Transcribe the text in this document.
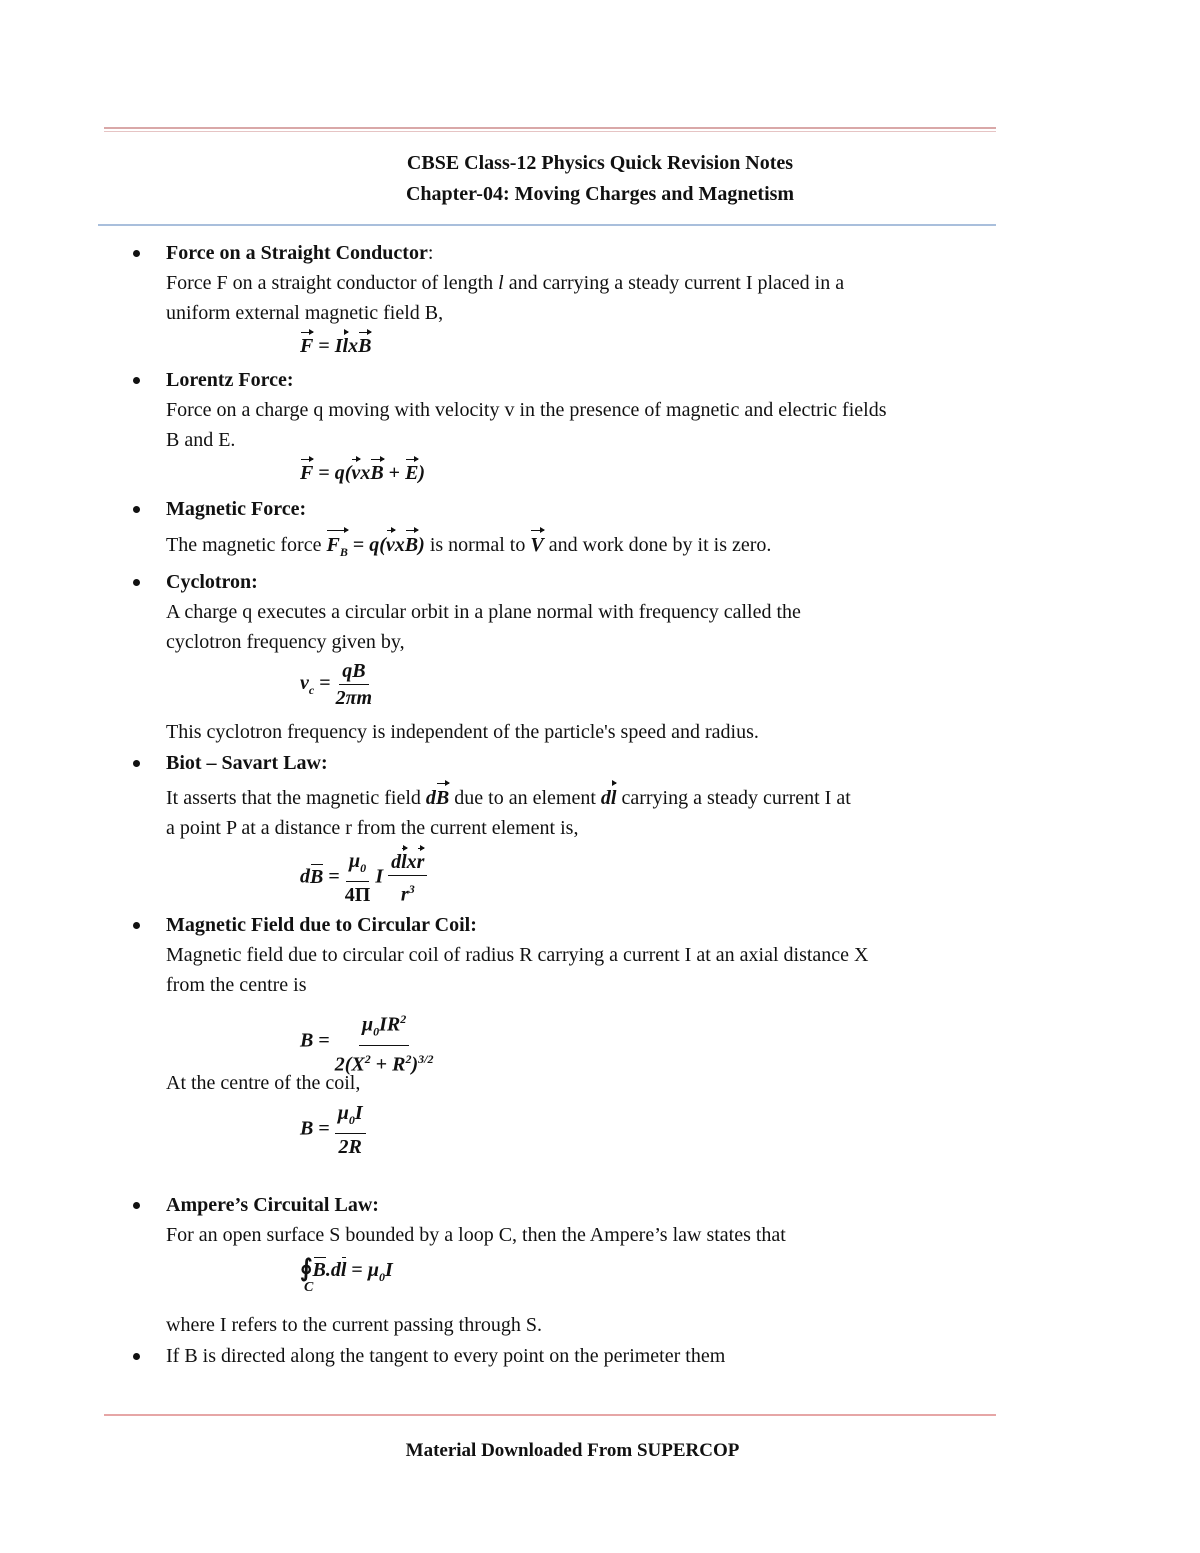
CBSE Class-12 Physics Quick Revision Notes
Chapter-04: Moving Charges and Magnetism
Force on a Straight Conductor:
Force F on a straight conductor of length l and carrying a steady current I placed in a
uniform external magnetic field B,
F = IlxB
Lorentz Force:
Force on a charge q moving with velocity v in the presence of magnetic and electric fields
B and E.
F = q(vxB + E)
Magnetic Force:
The magnetic force $F_B = q(vxB)$ is normal to V and work done by it is zero.
Cyclotron:
A charge q executes a circular orbit in a plane normal with frequency called the
cyclotron frequency given by,
$\nu_c = \frac{qB}{2\pi m}$
This cyclotron frequency is independent of the particle's speed and radius.
Biot – Savart Law:
It asserts that the magnetic field dB due to an element dl carrying a steady current I at
a point P at a distance r from the current element is,
dB = $\frac{\mu_0}{4\Pi}$ I $\frac{\text{dlxr}}{r^3}$
Magnetic Field due to Circular Coil:
Magnetic field due to circular coil of radius R carrying a current I at an axial distance X
from the centre is
$B = \frac{\mu_0IR^2}{2(X^2 + R^2)^{3/2}}$
At the centre of the coil,
$B = \frac{\mu_0I}{2R}$
Ampere’s Circuital Law:
For an open surface S bounded by a loop C, then the Ampere’s law states that
∮
C
$B.dl = \mu_0I$
where I refers to the current passing through S.
If B is directed along the tangent to every point on the perimeter them
Material Downloaded From SUPERCOP
